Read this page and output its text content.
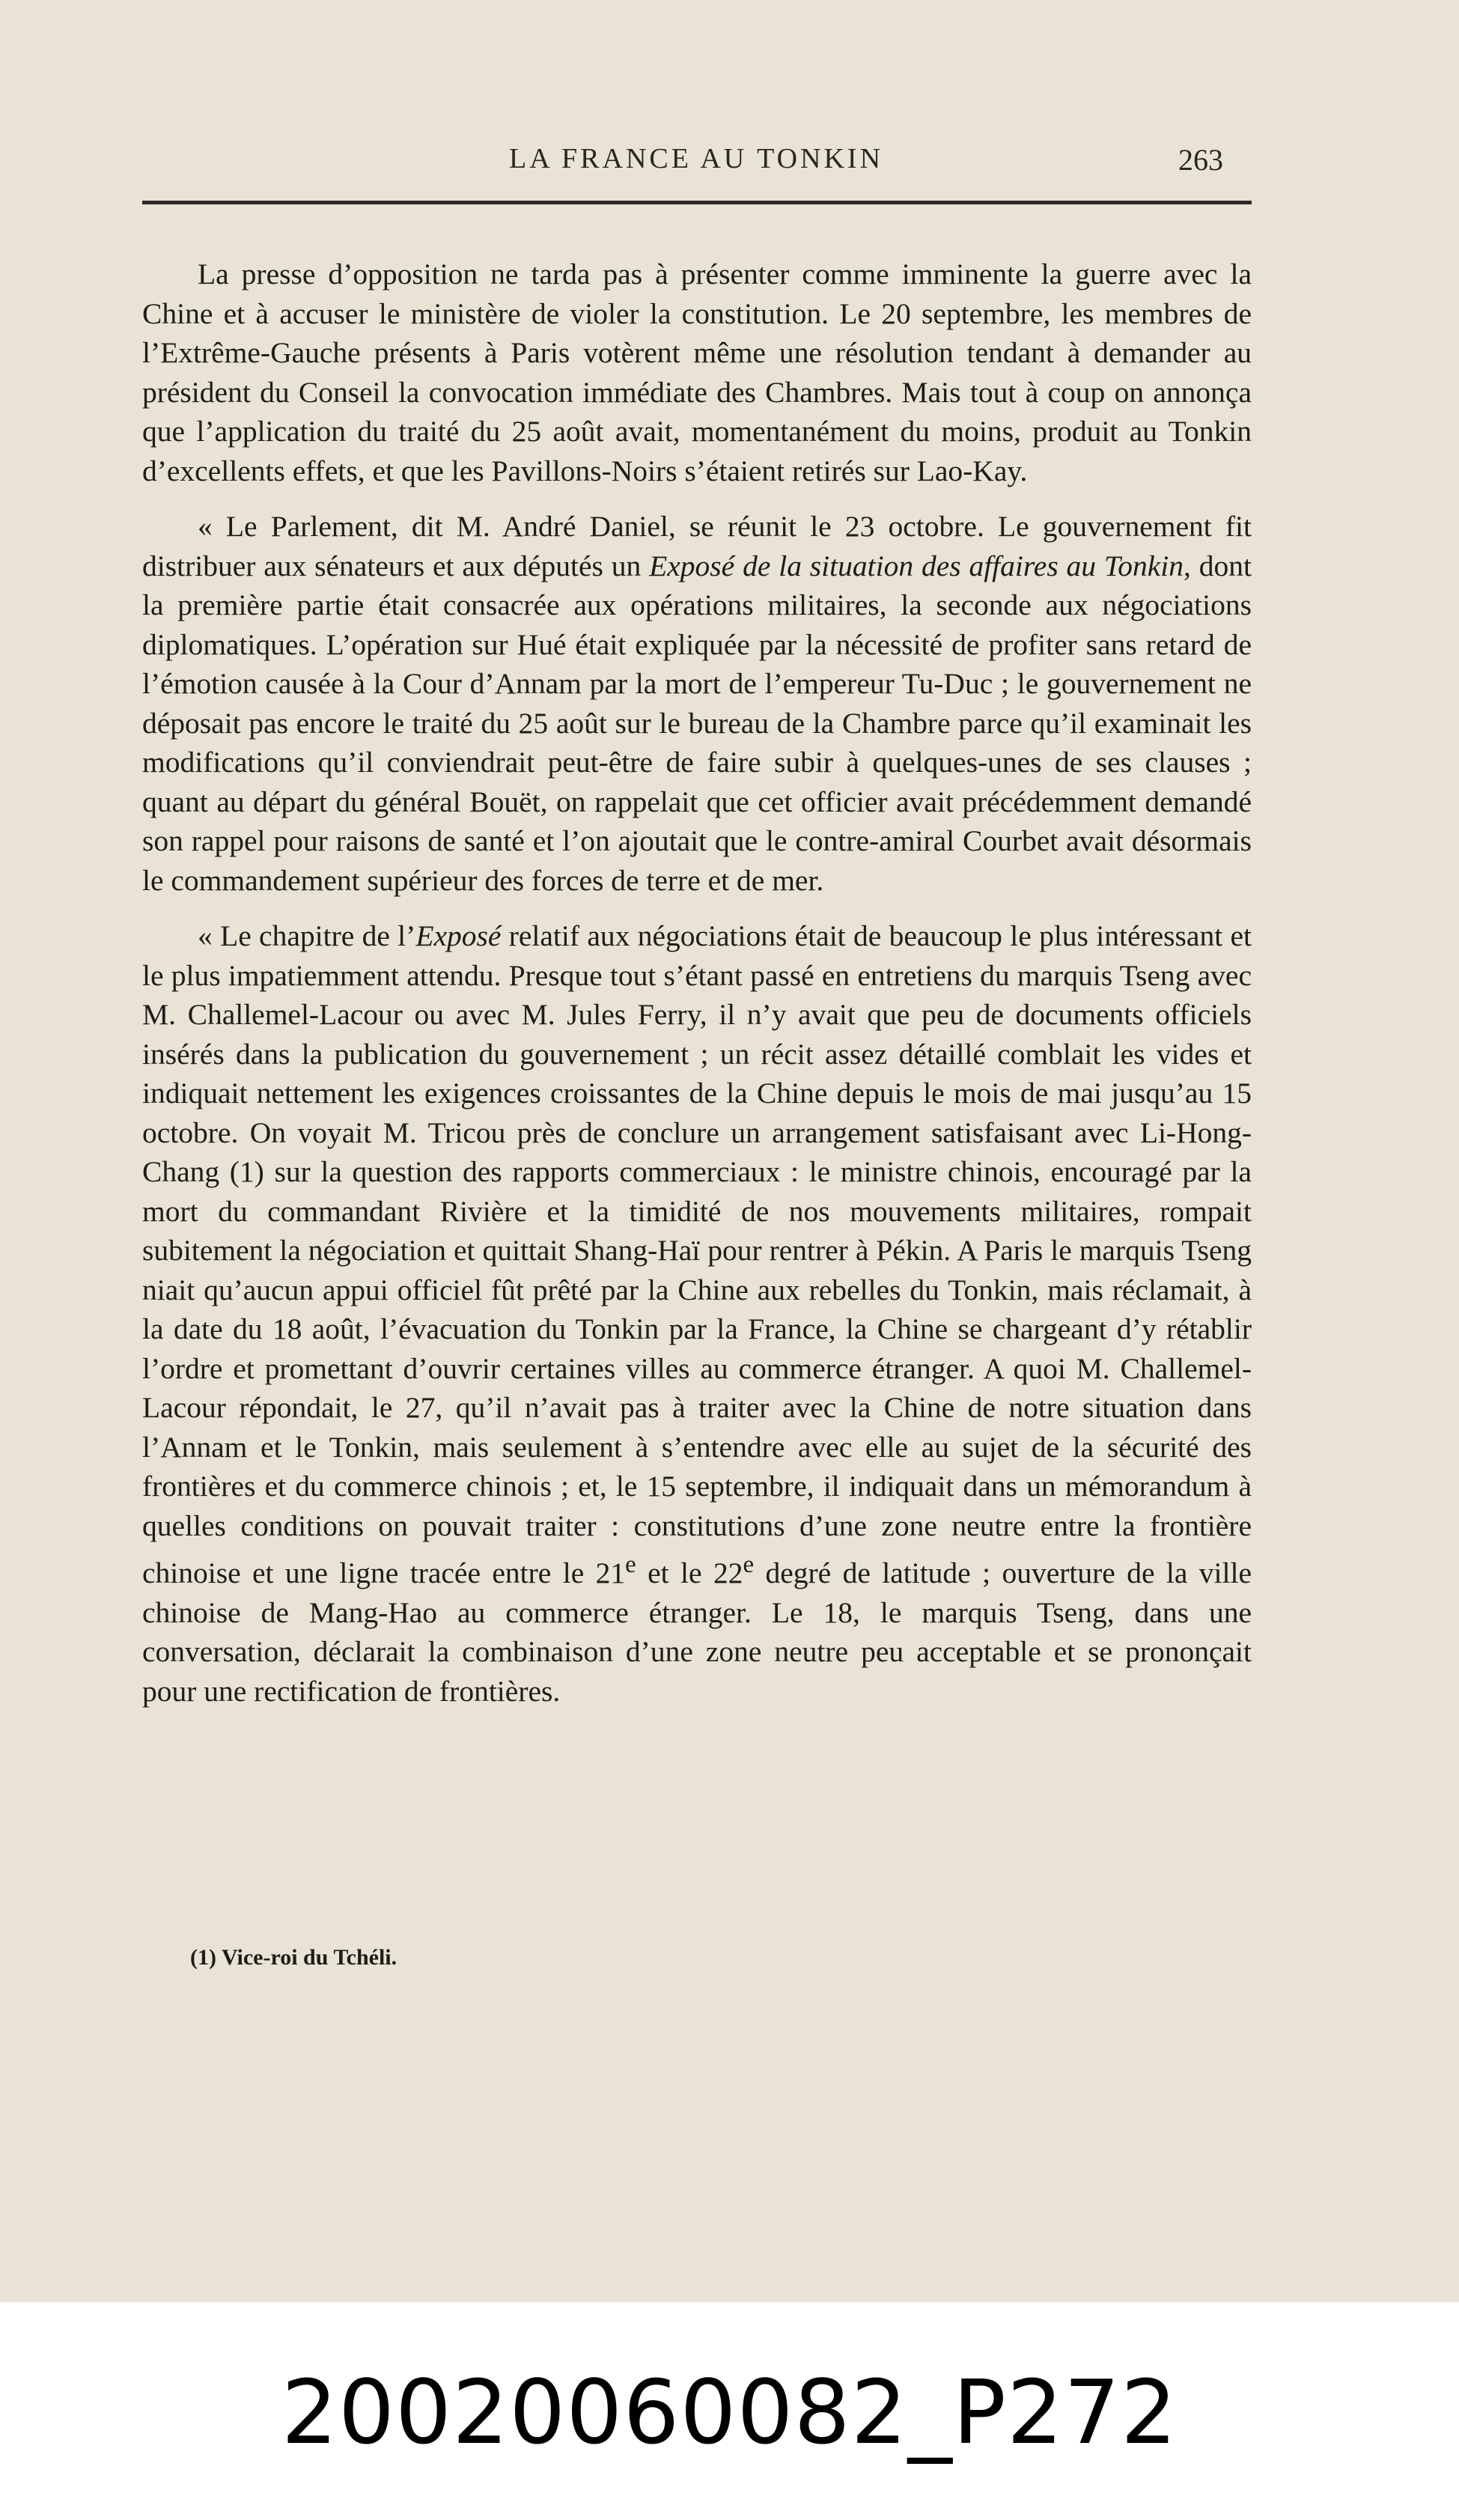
LA FRANCE AU TONKIN	263

La presse d’opposition ne tarda pas à présenter comme imminente la guerre avec la Chine et à accuser le ministère de violer la constitution. Le 20 septembre, les membres de l’Extrême-Gauche présents à Paris votèrent même une résolution tendant à demander au président du Conseil la convocation immédiate des Chambres. Mais tout à coup on annonça que l’application du traité du 25 août avait, momentanément du moins, produit au Tonkin d’excellents effets, et que les Pavillons-Noirs s’étaient retirés sur Lao-Kay.

« Le Parlement, dit M. André Daniel, se réunit le 23 octobre. Le gouvernement fit distribuer aux sénateurs et aux députés un Exposé de la situation des affaires au Tonkin, dont la première partie était consacrée aux opérations militaires, la seconde aux négociations diplomatiques. L’opération sur Hué était expliquée par la nécessité de profiter sans retard de l’émotion causée à la Cour d’Annam par la mort de l’empereur Tu-Duc ; le gouvernement ne déposait pas encore le traité du 25 août sur le bureau de la Chambre parce qu’il examinait les modifications qu’il conviendrait peut-être de faire subir à quelques-unes de ses clauses ; quant au départ du général Bouët, on rappelait que cet officier avait précédemment demandé son rappel pour raisons de santé et l’on ajoutait que le contre-amiral Courbet avait désormais le commandement supérieur des forces de terre et de mer.

« Le chapitre de l’Exposé relatif aux négociations était de beaucoup le plus intéressant et le plus impatiemment attendu. Presque tout s’étant passé en entretiens du marquis Tseng avec M. Challemel-Lacour ou avec M. Jules Ferry, il n’y avait que peu de documents officiels insérés dans la publication du gouvernement ; un récit assez détaillé comblait les vides et indiquait nettement les exigences croissantes de la Chine depuis le mois de mai jusqu’au 15 octobre. On voyait M. Tricou près de conclure un arrangement satisfaisant avec Li-Hong-Chang (1) sur la question des rapports commerciaux : le ministre chinois, encouragé par la mort du commandant Rivière et la timidité de nos mouvements militaires, rompait subitement la négociation et quittait Shang-Haï pour rentrer à Pékin. A Paris le marquis Tseng niait qu’aucun appui officiel fût prêté par la Chine aux rebelles du Tonkin, mais réclamait, à la date du 18 août, l’évacuation du Tonkin par la France, la Chine se chargeant d’y rétablir l’ordre et promettant d’ouvrir certaines villes au commerce étranger. A quoi M. Challemel-Lacour répondait, le 27, qu’il n’avait pas à traiter avec la Chine de notre situation dans l’Annam et le Tonkin, mais seulement à s’entendre avec elle au sujet de la sécurité des frontières et du commerce chinois ; et, le 15 septembre, il indiquait dans un mémorandum à quelles conditions on pouvait traiter : constitutions d’une zone neutre entre la frontière chinoise et une ligne tracée entre le 21e et le 22e degré de latitude ; ouverture de la ville chinoise de Mang-Hao au commerce étranger. Le 18, le marquis Tseng, dans une conversation, déclarait la combinaison d’une zone neutre peu acceptable et se prononçait pour une rectification de frontières.

(1) Vice-roi du Tchéli.
20020060082_P272
